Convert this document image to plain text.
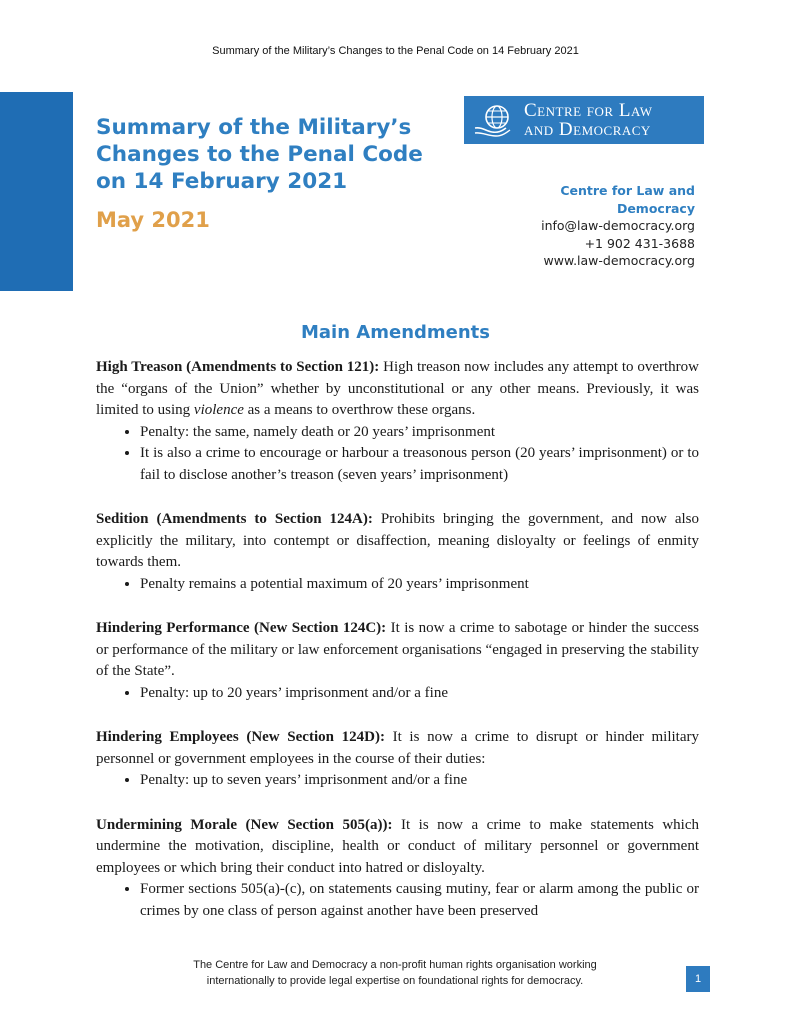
Summary of the Military’s Changes to the Penal Code on 14 February 2021
Summary of the Military’s
Changes to the Penal Code
on 14 February 2021
May 2021
Centre for Law
and Democracy
Centre for Law and
Democracy
info@law-democracy.org
+1 902 431-3688
www.law-democracy.org
Main Amendments

High Treason (Amendments to Section 121): High treason now includes any attempt to overthrow the “organs of the Union” whether by unconstitutional or any other means. Previously, it was limited to using violence as a means to overthrow these organs.

• Penalty: the same, namely death or 20 years’ imprisonment
• It is also a crime to encourage or harbour a treasonous person (20 years’ imprisonment) or to fail to disclose another’s treason (seven years’ imprisonment)

Sedition (Amendments to Section 124A): Prohibits bringing the government, and now also explicitly the military, into contempt or disaffection, meaning disloyalty or feelings of enmity towards them.

• Penalty remains a potential maximum of 20 years’ imprisonment

Hindering Performance (New Section 124C): It is now a crime to sabotage or hinder the success or performance of the military or law enforcement organisations “engaged in preserving the stability of the State”.

• Penalty: up to 20 years’ imprisonment and/or a fine

Hindering Employees (New Section 124D): It is now a crime to disrupt or hinder military personnel or government employees in the course of their duties:

• Penalty: up to seven years’ imprisonment and/or a fine

Undermining Morale (New Section 505(a)): It is now a crime to make statements which undermine the motivation, discipline, health or conduct of military personnel or government employees or which bring their conduct into hatred or disloyalty.

• Former sections 505(a)-(c), on statements causing mutiny, fear or alarm among the public or crimes by one class of person against another have been preserved
The Centre for Law and Democracy a non-profit human rights organisation working
internationally to provide legal expertise on foundational rights for democracy.	1
